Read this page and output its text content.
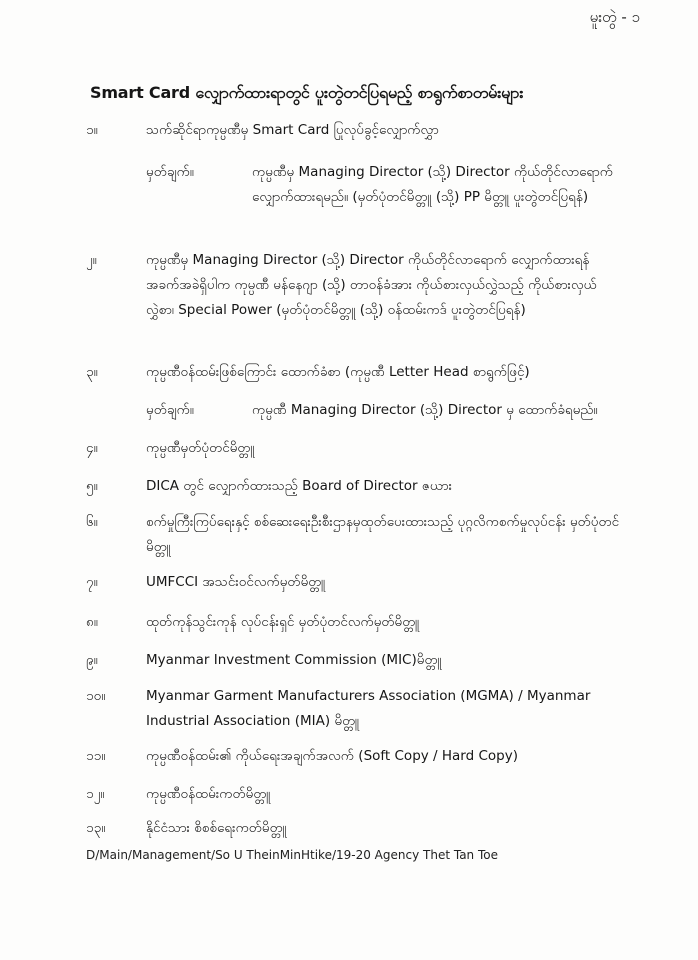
မူးတွဲ - ၁
Smart Card လျှောက်ထားရာတွင် ပူးတွဲတင်ပြရမည့် စာရွက်စာတမ်းများ
၁။	သက်ဆိုင်ရာကုမ္ပဏီမှ Smart Card ပြုလုပ်ခွင့်လျှောက်လွှာ
မှတ်ချက်။	ကုမ္ပဏီမှ Managing Director (သို့) Director ကိုယ်တိုင်လာရောက်လျှောက်ထားရမည်။ (မှတ်ပုံတင်မိတ္တူ (သို့) PP မိတ္တူ ပူးတွဲတင်ပြရန်)
၂။	ကုမ္ပဏီမှ Managing Director (သို့) Director ကိုယ်တိုင်လာရောက် လျှောက်ထားရန် အခက်အခဲရှိပါက ကုမ္ပဏီ မန်နေဂျာ (သို့) တာဝန်ခံအား ကိုယ်စားလှယ်လွှဲသည့် ကိုယ်စားလှယ်လွှဲစာ၊ Special Power (မှတ်ပုံတင်မိတ္တူ (သို့) ဝန်ထမ်းကဒ် ပူးတွဲတင်ပြရန်)
၃။	ကုမ္ပဏီဝန်ထမ်းဖြစ်ကြောင်း ထောက်ခံစာ (ကုမ္ပဏီ Letter Head စာရွက်ဖြင့်)
မှတ်ချက်။	ကုမ္ပဏီ Managing Director (သို့) Director မှ ထောက်ခံရမည်။
၄။	ကုမ္ပဏီမှတ်ပုံတင်မိတ္တူ
၅။	DICA တွင် လျှောက်ထားသည့် Board of Director ဇယား
၆။	စက်မှုကြီးကြပ်ရေးနှင့် စစ်ဆေးရေးဦးစီးဌာနမှထုတ်ပေးထားသည့် ပုဂ္ဂလိကစက်မှုလုပ်ငန်း မှတ်ပုံတင်မိတ္တူ
၇။	UMFCCI အသင်းဝင်လက်မှတ်မိတ္တူ
၈။	ထုတ်ကုန်သွင်းကုန် လုပ်ငန်းရှင် မှတ်ပုံတင်လက်မှတ်မိတ္တူ
၉။	Myanmar Investment Commission (MIC)မိတ္တူ
၁၀။	Myanmar Garment Manufacturers Association (MGMA) / Myanmar Industrial Association (MIA) မိတ္တူ
၁၁။	ကုမ္ပဏီဝန်ထမ်း၏ ကိုယ်ရေးအချက်အလက် (Soft Copy / Hard Copy)
၁၂။	ကုမ္ပဏီဝန်ထမ်းကတ်မိတ္တူ
၁၃။	နိုင်ငံသား စိစစ်ရေးကတ်မိတ္တူ
D/Main/Management/So U TheinMinHtike/19-20 Agency Thet Tan Toe
